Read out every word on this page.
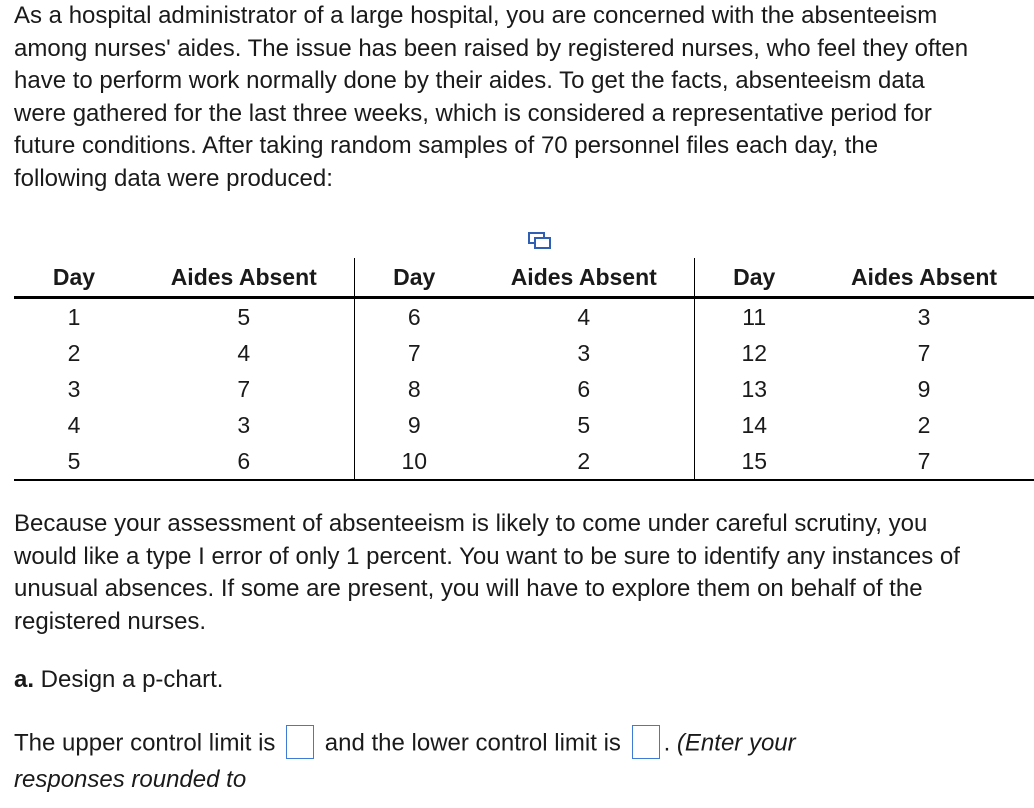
As a hospital administrator of a large hospital, you are concerned with the absenteeism among nurses' aides. The issue has been raised by registered nurses, who feel they often have to perform work normally done by their aides. To get the facts, absenteeism data were gathered for the last three weeks, which is considered a representative period for future conditions. After taking random samples of 70 personnel files each day, the following data were produced:

Day	Aides Absent	Day	Aides Absent	Day	Aides Absent
1	5	6	4	11	3
2	4	7	3	12	7
3	7	8	6	13	9
4	3	9	5	14	2
5	6	10	2	15	7

Because your assessment of absenteeism is likely to come under careful scrutiny, you would like a type I error of only 1 percent. You want to be sure to identify any instances of unusual absences. If some are present, you will have to explore them on behalf of the registered nurses.

a. Design a p-chart.

The upper control limit is  and the lower control limit is . (Enter your
responses rounded to
